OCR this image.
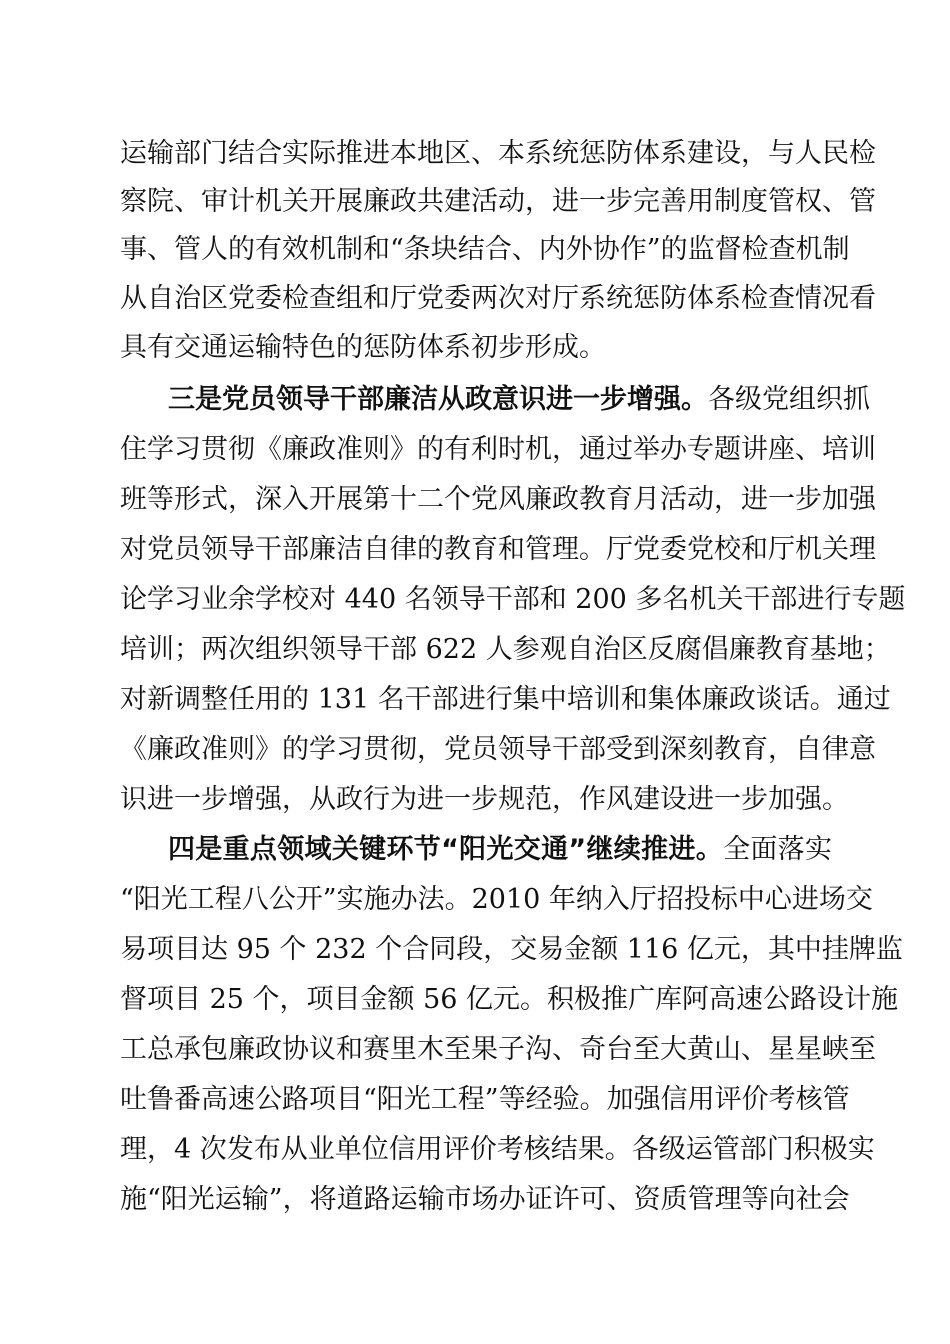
运输部门结合实际推进本地区、本系统惩防体系建设，与人民检
察院、审计机关开展廉政共建活动，进一步完善用制度管权、管
事、管人的有效机制和“条块结合、内外协作”的监督检查机制
从自治区党委检查组和厅党委两次对厅系统惩防体系检查情况看
具有交通运输特色的惩防体系初步形成。
三是党员领导干部廉洁从政意识进一步增强。各级党组织抓
住学习贯彻《廉政准则》的有利时机，通过举办专题讲座、培训
班等形式，深入开展第十二个党风廉政教育月活动，进一步加强
对党员领导干部廉洁自律的教育和管理。厅党委党校和厅机关理
论学习业余学校对 440 名领导干部和 200 多名机关干部进行专题
培训；两次组织领导干部 622 人参观自治区反腐倡廉教育基地；
对新调整任用的 131 名干部进行集中培训和集体廉政谈话。通过
《廉政准则》的学习贯彻，党员领导干部受到深刻教育，自律意
识进一步增强，从政行为进一步规范，作风建设进一步加强。
四是重点领域关键环节“阳光交通”继续推进。全面落实
“阳光工程八公开”实施办法。2010 年纳入厅招投标中心进场交
易项目达 95 个 232 个合同段，交易金额 116 亿元，其中挂牌监
督项目 25 个，项目金额 56 亿元。积极推广库阿高速公路设计施
工总承包廉政协议和赛里木至果子沟、奇台至大黄山、星星峡至
吐鲁番高速公路项目“阳光工程”等经验。加强信用评价考核管
理，4 次发布从业单位信用评价考核结果。各级运管部门积极实
施“阳光运输”，将道路运输市场办证许可、资质管理等向社会
